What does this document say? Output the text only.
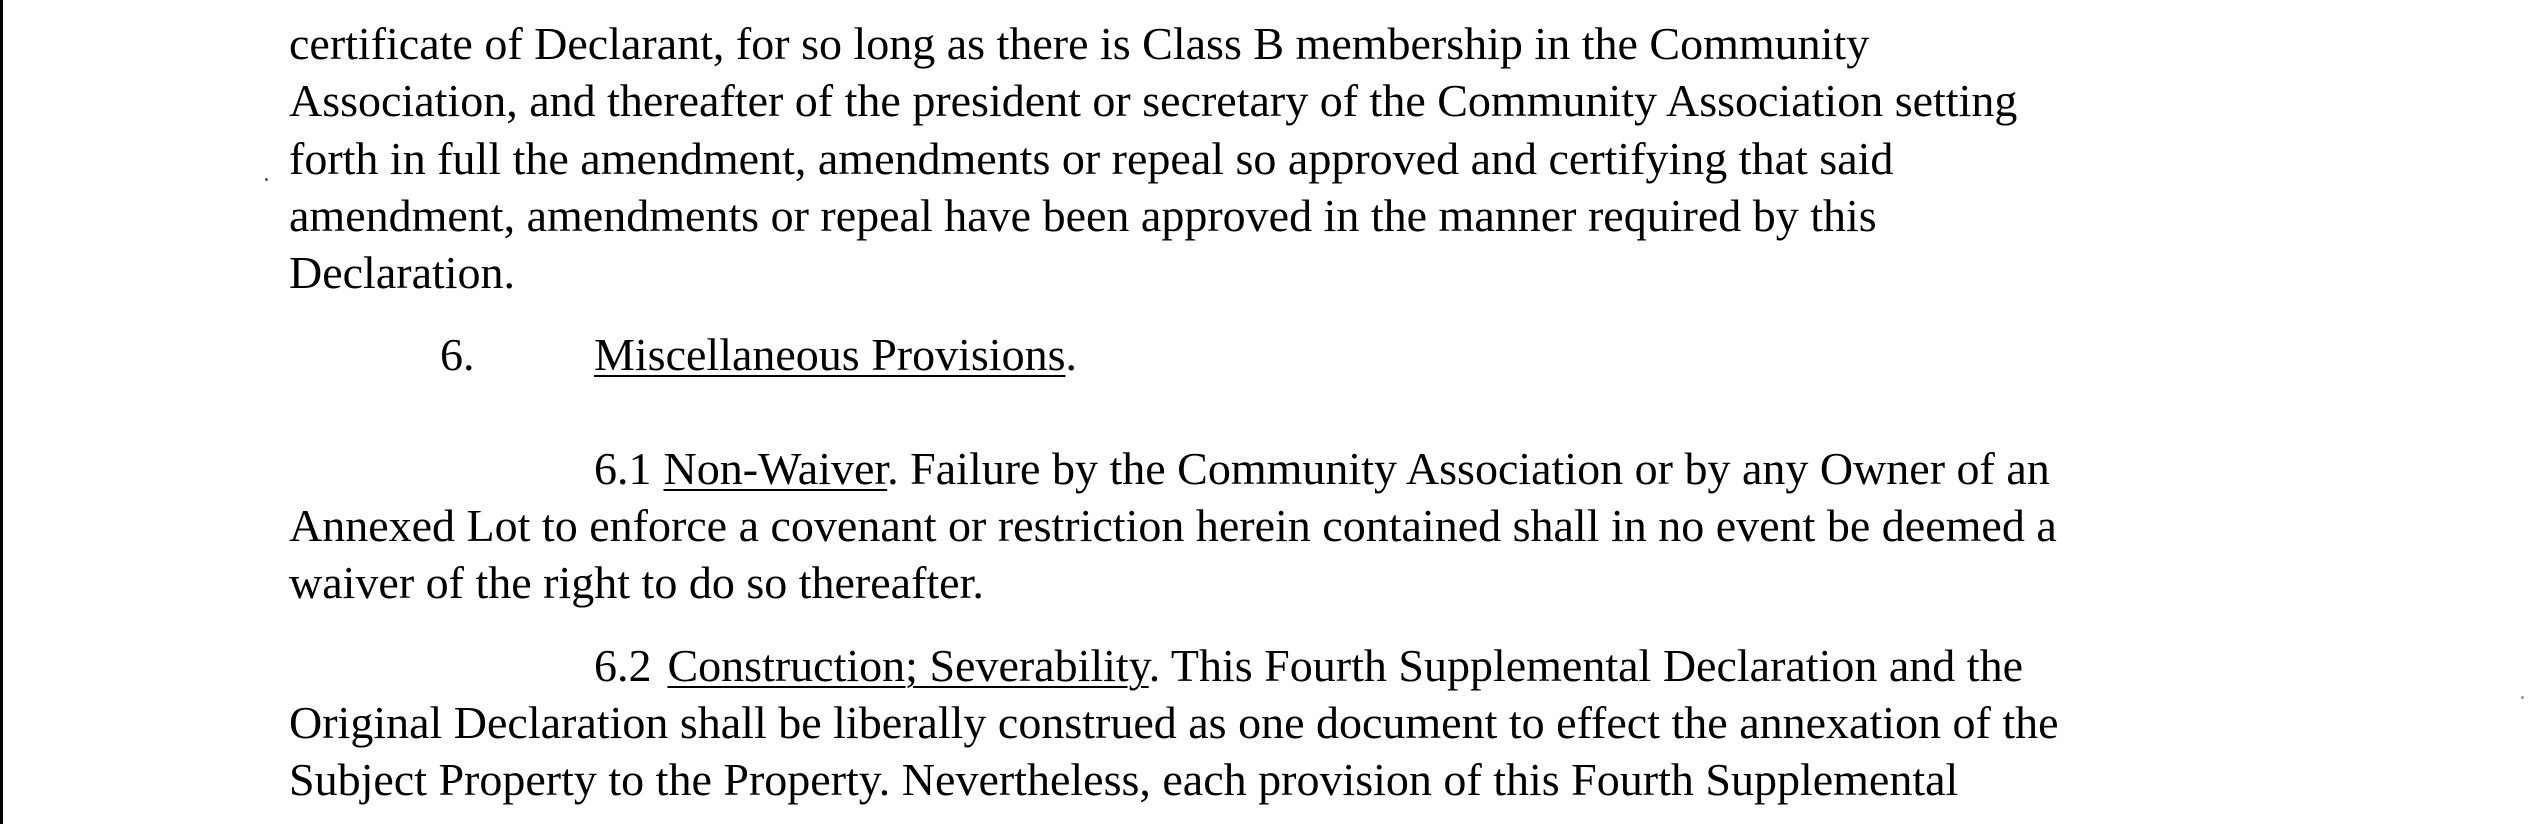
certificate of Declarant, for so long as there is Class B membership in the Community

Association, and thereafter of the president or secretary of the Community Association setting

forth in full the amendment, amendments or repeal so approved and certifying that said

amendment, amendments or repeal have been approved in the manner required by this

Declaration.

6.	Miscellaneous Provisions.
6.1 Non-Waiver. Failure by the Community Association or by any Owner of an

Annexed Lot to enforce a covenant or restriction herein contained shall in no event be deemed a

waiver of the right to do so thereafter.

6.2 Construction; Severability. This Fourth Supplemental Declaration and the

Original Declaration shall be liberally construed as one document to effect the annexation of the

Subject Property to the Property. Nevertheless, each provision of this Fourth Supplemental
